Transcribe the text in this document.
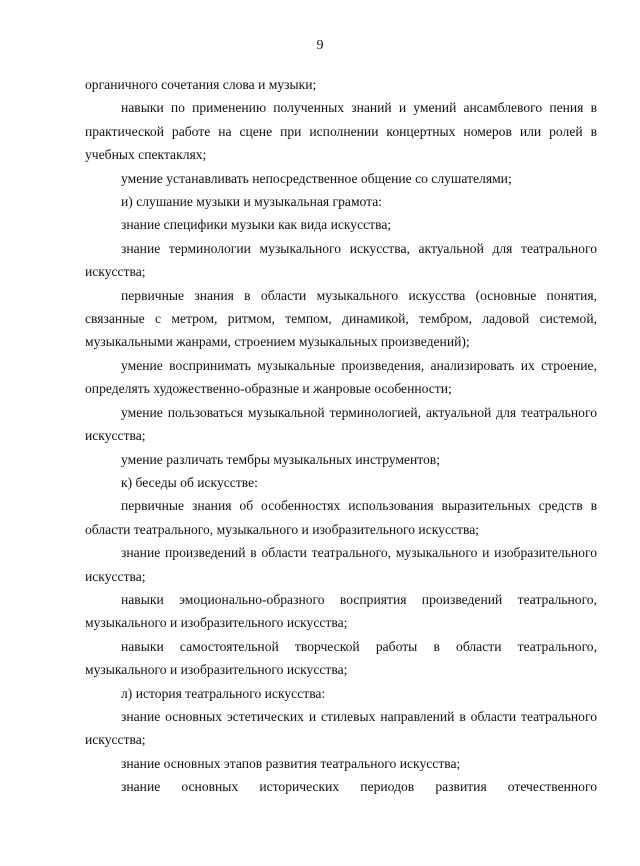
9

органичного сочетания слова и музыки;

навыки по применению полученных знаний и умений ансамблевого пения в практической работе на сцене при исполнении концертных номеров или ролей в учебных спектаклях;

умение устанавливать непосредственное общение со слушателями;

и) слушание музыки и музыкальная грамота:

знание специфики музыки как вида искусства;

знание терминологии музыкального искусства, актуальной для театрального искусства;

первичные знания в области музыкального искусства (основные понятия, связанные с метром, ритмом, темпом, динамикой, тембром, ладовой системой, музыкальными жанрами, строением музыкальных произведений);

умение воспринимать музыкальные произведения, анализировать их строение, определять художественно-образные и жанровые особенности;

умение пользоваться музыкальной терминологией, актуальной для театрального искусства;

умение различать тембры музыкальных инструментов;

к) беседы об искусстве:

первичные знания об особенностях использования выразительных средств в области театрального, музыкального и изобразительного искусства;

знание произведений в области театрального, музыкального и изобразительного искусства;

навыки эмоционально-образного восприятия произведений театрального, музыкального и изобразительного искусства;

навыки самостоятельной творческой работы в области театрального, музыкального и изобразительного искусства;

л) история театрального искусства:

знание основных эстетических и стилевых направлений в области театрального искусства;

знание основных этапов развития театрального искусства;

знание основных исторических периодов развития отечественного
